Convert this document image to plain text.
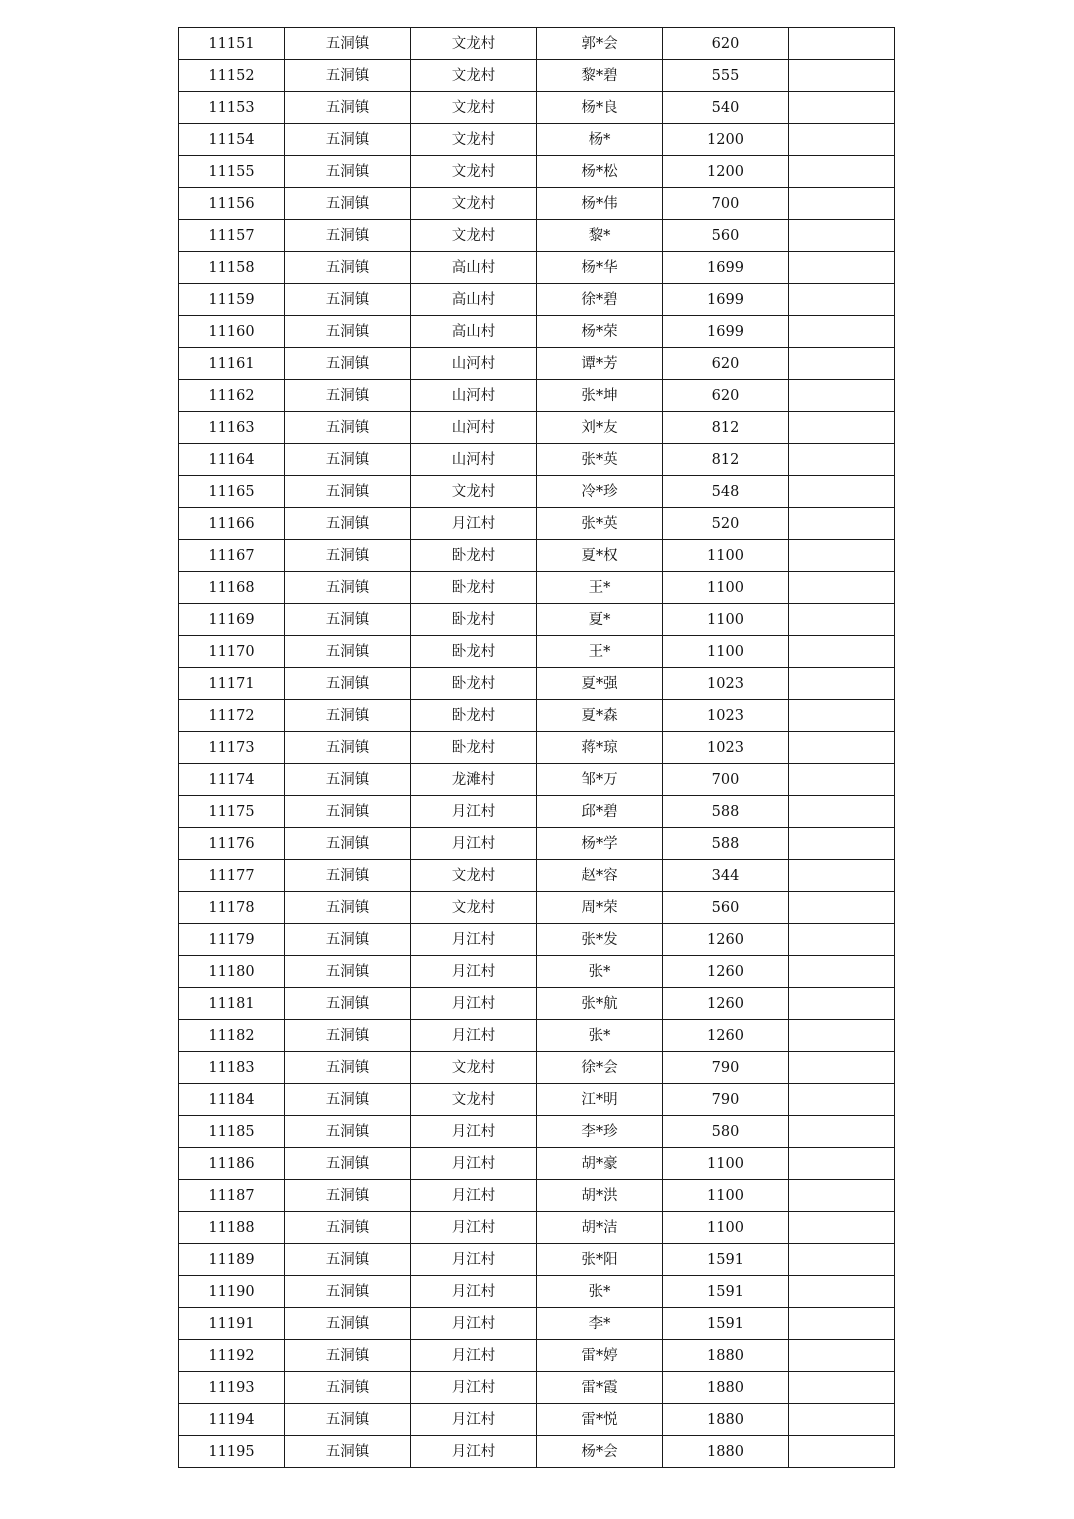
11151	五洞镇	文龙村	郭*会	620	
11152	五洞镇	文龙村	黎*碧	555	
11153	五洞镇	文龙村	杨*良	540	
11154	五洞镇	文龙村	杨*	1200	
11155	五洞镇	文龙村	杨*松	1200	
11156	五洞镇	文龙村	杨*伟	700	
11157	五洞镇	文龙村	黎*	560	
11158	五洞镇	高山村	杨*华	1699	
11159	五洞镇	高山村	徐*碧	1699	
11160	五洞镇	高山村	杨*荣	1699	
11161	五洞镇	山河村	谭*芳	620	
11162	五洞镇	山河村	张*坤	620	
11163	五洞镇	山河村	刘*友	812	
11164	五洞镇	山河村	张*英	812	
11165	五洞镇	文龙村	冷*珍	548	
11166	五洞镇	月江村	张*英	520	
11167	五洞镇	卧龙村	夏*权	1100	
11168	五洞镇	卧龙村	王*	1100	
11169	五洞镇	卧龙村	夏*	1100	
11170	五洞镇	卧龙村	王*	1100	
11171	五洞镇	卧龙村	夏*强	1023	
11172	五洞镇	卧龙村	夏*森	1023	
11173	五洞镇	卧龙村	蒋*琼	1023	
11174	五洞镇	龙滩村	邹*万	700	
11175	五洞镇	月江村	邱*碧	588	
11176	五洞镇	月江村	杨*学	588	
11177	五洞镇	文龙村	赵*容	344	
11178	五洞镇	文龙村	周*荣	560	
11179	五洞镇	月江村	张*发	1260	
11180	五洞镇	月江村	张*	1260	
11181	五洞镇	月江村	张*航	1260	
11182	五洞镇	月江村	张*	1260	
11183	五洞镇	文龙村	徐*会	790	
11184	五洞镇	文龙村	江*明	790	
11185	五洞镇	月江村	李*珍	580	
11186	五洞镇	月江村	胡*豪	1100	
11187	五洞镇	月江村	胡*洪	1100	
11188	五洞镇	月江村	胡*洁	1100	
11189	五洞镇	月江村	张*阳	1591	
11190	五洞镇	月江村	张*	1591	
11191	五洞镇	月江村	李*	1591	
11192	五洞镇	月江村	雷*婷	1880	
11193	五洞镇	月江村	雷*霞	1880	
11194	五洞镇	月江村	雷*悦	1880	
11195	五洞镇	月江村	杨*会	1880	
